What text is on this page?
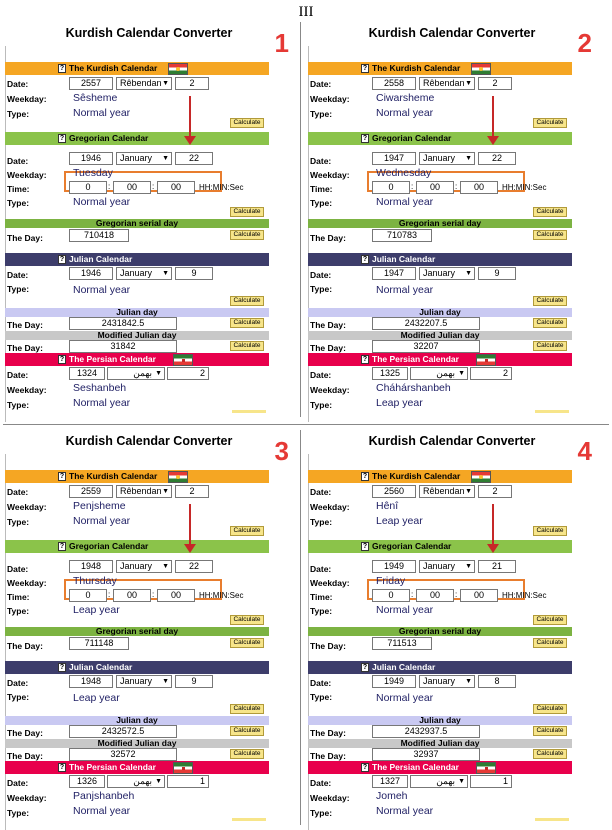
III
Kurdish Calendar Converter	1
? The Kurdish Calendar
Date:	2557	Rêbendan ▼	2
Weekday:	Sêsheme
Type:	Normal year
Calculate
? Gregorian Calendar
Date:	1946	January ▼	22
Weekday:	Tuesday
Time:	0	:	00	:	00	HH:MIN:Sec
Type:	Normal year
Calculate
Gregorian serial day
The Day:	710418	Calculate
? Julian Calendar
Date:	1946	January ▼	9
Type:	Normal year
Calculate
Julian day
The Day:	2431842.5	Calculate
Modified Julian day
The Day:	31842	Calculate
? The Persian Calendar
Date:	1324	بهمن ▼	2
Weekday:	Seshanbeh
Type:	Normal year
Kurdish Calendar Converter	2
? The Kurdish Calendar
Date:	2558	Rêbendan ▼	2
Weekday:	Ciwarsheme
Type:	Normal year
Calculate
? Gregorian Calendar
Date:	1947	January ▼	22
Weekday:	Wednesday
Time:	0	:	00	:	00	HH:MIN:Sec
Type:	Normal year
Calculate
Gregorian serial day
The Day:	710783	Calculate
? Julian Calendar
Date:	1947	January ▼	9
Type:	Normal year
Calculate
Julian day
The Day:	2432207.5	Calculate
Modified Julian day
The Day:	32207	Calculate
? The Persian Calendar
Date:	1325	بهمن ▼	2
Weekday:	Cháhárshanbeh
Type:	Leap year
Kurdish Calendar Converter	3
? The Kurdish Calendar
Date:	2559	Rêbendan ▼	2
Weekday:	Penjsheme
Type:	Normal year
Calculate
? Gregorian Calendar
Date:	1948	January ▼	22
Weekday:	Thursday
Time:	0	:	00	:	00	HH:MIN:Sec
Type:	Leap year
Calculate
Gregorian serial day
The Day:	711148	Calculate
? Julian Calendar
Date:	1948	January ▼	9
Type:	Leap year
Calculate
Julian day
The Day:	2432572.5	Calculate
Modified Julian day
The Day:	32572	Calculate
? The Persian Calendar
Date:	1326	بهمن ▼	1
Weekday:	Panjshanbeh
Type:	Normal year
Kurdish Calendar Converter	4
? The Kurdish Calendar
Date:	2560	Rêbendan ▼	2
Weekday:	Hênî
Type:	Leap year
Calculate
? Gregorian Calendar
Date:	1949	January ▼	21
Weekday:	Friday
Time:	0	:	00	:	00	HH:MIN:Sec
Type:	Normal year
Calculate
Gregorian serial day
The Day:	711513	Calculate
? Julian Calendar
Date:	1949	January ▼	8
Type:	Normal year
Calculate
Julian day
The Day:	2432937.5	Calculate
Modified Julian day
The Day:	32937	Calculate
? The Persian Calendar
Date:	1327	بهمن ▼	1
Weekday:	Jomeh
Type:	Normal year
